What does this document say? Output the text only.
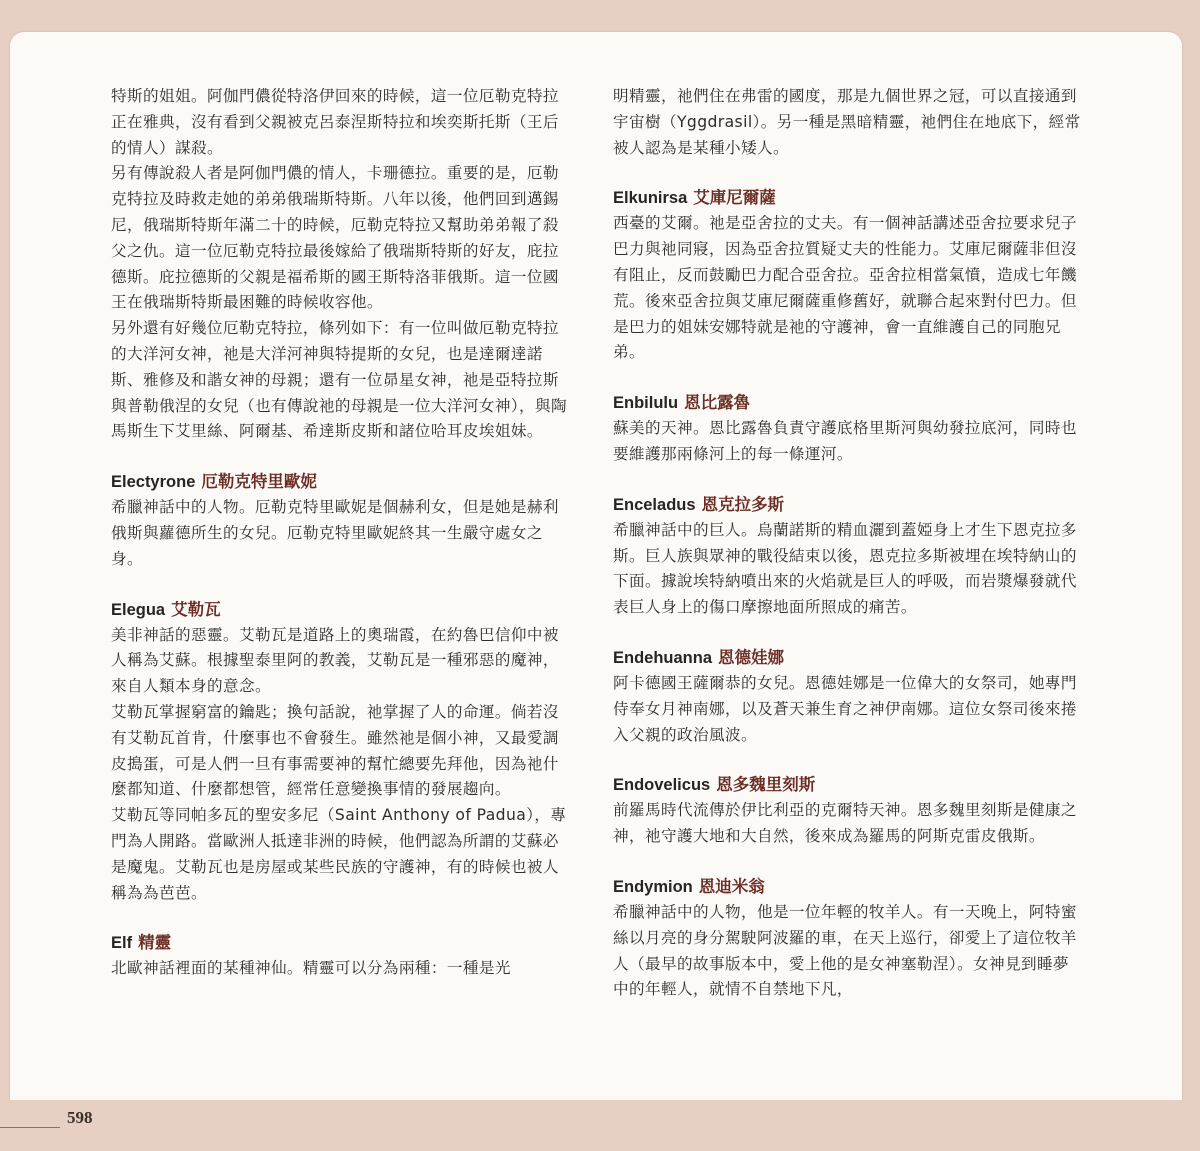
特斯的姐姐。阿伽門儂從特洛伊回來的時候，這一位厄勒克特拉正在雅典，沒有看到父親被克呂泰涅斯特拉和埃奕斯托斯（王后的情人）謀殺。

另有傳說殺人者是阿伽門儂的情人，卡珊德拉。重要的是，厄勒克特拉及時救走她的弟弟俄瑞斯特斯。八年以後，他們回到邁錫尼，俄瑞斯特斯年滿二十的時候，厄勒克特拉又幫助弟弟報了殺父之仇。這一位厄勒克特拉最後嫁給了俄瑞斯特斯的好友，庇拉德斯。庇拉德斯的父親是福希斯的國王斯特洛菲俄斯。這一位國王在俄瑞斯特斯最困難的時候收容他。

另外還有好幾位厄勒克特拉，條列如下：有一位叫做厄勒克特拉的大洋河女神，祂是大洋河神與特提斯的女兒，也是達爾達諾斯、雅修及和諧女神的母親；還有一位昴星女神，祂是亞特拉斯與普勒俄涅的女兒（也有傳說祂的母親是一位大洋河女神），與陶馬斯生下艾里絲、阿爾基、希達斯皮斯和諸位哈耳皮埃姐妹。

Electyrone 厄勒克特里歐妮

希臘神話中的人物。厄勒克特里歐妮是個赫利女，但是她是赫利俄斯與蘿德所生的女兒。厄勒克特里歐妮終其一生嚴守處女之身。

Elegua 艾勒瓦

美非神話的惡靈。艾勒瓦是道路上的奧瑞霞，在約魯巴信仰中被人稱為艾蘇。根據聖泰里阿的教義，艾勒瓦是一種邪惡的魔神，來自人類本身的意念。

艾勒瓦掌握窮富的鑰匙；換句話說，祂掌握了人的命運。倘若沒有艾勒瓦首肯，什麼事也不會發生。雖然祂是個小神，又最愛調皮搗蛋，可是人們一旦有事需要神的幫忙總要先拜他，因為祂什麼都知道、什麼都想管，經常任意變換事情的發展趨向。

艾勒瓦等同帕多瓦的聖安多尼（Saint Anthony of Padua），專門為人開路。當歐洲人抵達非洲的時候，他們認為所謂的艾蘇必是魔鬼。艾勒瓦也是房屋或某些民族的守護神，有的時候也被人稱為為芭芭。

Elf 精靈

北歐神話裡面的某種神仙。精靈可以分為兩種：一種是光

明精靈，祂們住在弗雷的國度，那是九個世界之冠，可以直接通到宇宙樹（Yggdrasil）。另一種是黑暗精靈，祂們住在地底下，經常被人認為是某種小矮人。

Elkunirsa 艾庫尼爾薩

西臺的艾爾。祂是亞舍拉的丈夫。有一個神話講述亞舍拉要求兒子巴力與祂同寢，因為亞舍拉質疑丈夫的性能力。艾庫尼爾薩非但沒有阻止，反而鼓勵巴力配合亞舍拉。亞舍拉相當氣憤，造成七年饑荒。後來亞舍拉與艾庫尼爾薩重修舊好，就聯合起來對付巴力。但是巴力的姐妹安娜特就是祂的守護神，會一直維護自己的同胞兄弟。

Enbilulu 恩比露魯

蘇美的天神。恩比露魯負責守護底格里斯河與幼發拉底河，同時也要維護那兩條河上的每一條運河。

Enceladus 恩克拉多斯

希臘神話中的巨人。烏蘭諾斯的精血灑到蓋婭身上才生下恩克拉多斯。巨人族與眾神的戰役結束以後，恩克拉多斯被埋在埃特納山的下面。據說埃特納噴出來的火焰就是巨人的呼吸，而岩漿爆發就代表巨人身上的傷口摩擦地面所照成的痛苦。

Endehuanna 恩德娃娜

阿卡德國王薩爾恭的女兒。恩德娃娜是一位偉大的女祭司，她專門侍奉女月神南娜，以及蒼天兼生育之神伊南娜。這位女祭司後來捲入父親的政治風波。

Endovelicus 恩多魏里刻斯

前羅馬時代流傳於伊比利亞的克爾特天神。恩多魏里刻斯是健康之神，祂守護大地和大自然，後來成為羅馬的阿斯克雷皮俄斯。

Endymion 恩迪米翁

希臘神話中的人物，他是一位年輕的牧羊人。有一天晚上，阿特蜜絲以月亮的身分駕駛阿波羅的車，在天上巡行，卻愛上了這位牧羊人（最早的故事版本中，愛上他的是女神塞勒涅）。女神見到睡夢中的年輕人，就情不自禁地下凡，

598
